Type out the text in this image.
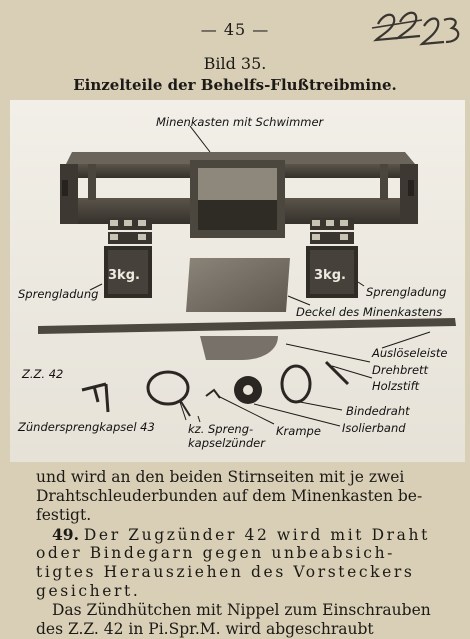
— 45 —
Bild 35.
Einzelteile der Behelfs-Flußtreibmine.
Minenkasten mit Schwimmer
Sprengladung	Sprengladung
Deckel des Minenkastens
Auslöseleiste
Drehbrett
Holzstift
Z.Z. 42
Zündersprengkapsel 43	kz. Spreng-
kapselzünder
Krampe
Bindedraht
Isolierband
3kg.	3kg.
und wird an den beiden Stirnseiten mit je zwei
Drahtschleuderbunden auf dem Minenkasten be-
festigt.
49. Der Zugzünder 42 wird mit Draht
oder Bindegarn gegen unbeabsich-
tigtes Herausziehen des Vorsteckers
gesichert.
Das Zündhütchen mit Nippel zum Einschrauben
des Z.Z. 42 in Pi.Spr.M. wird abgeschraubt
